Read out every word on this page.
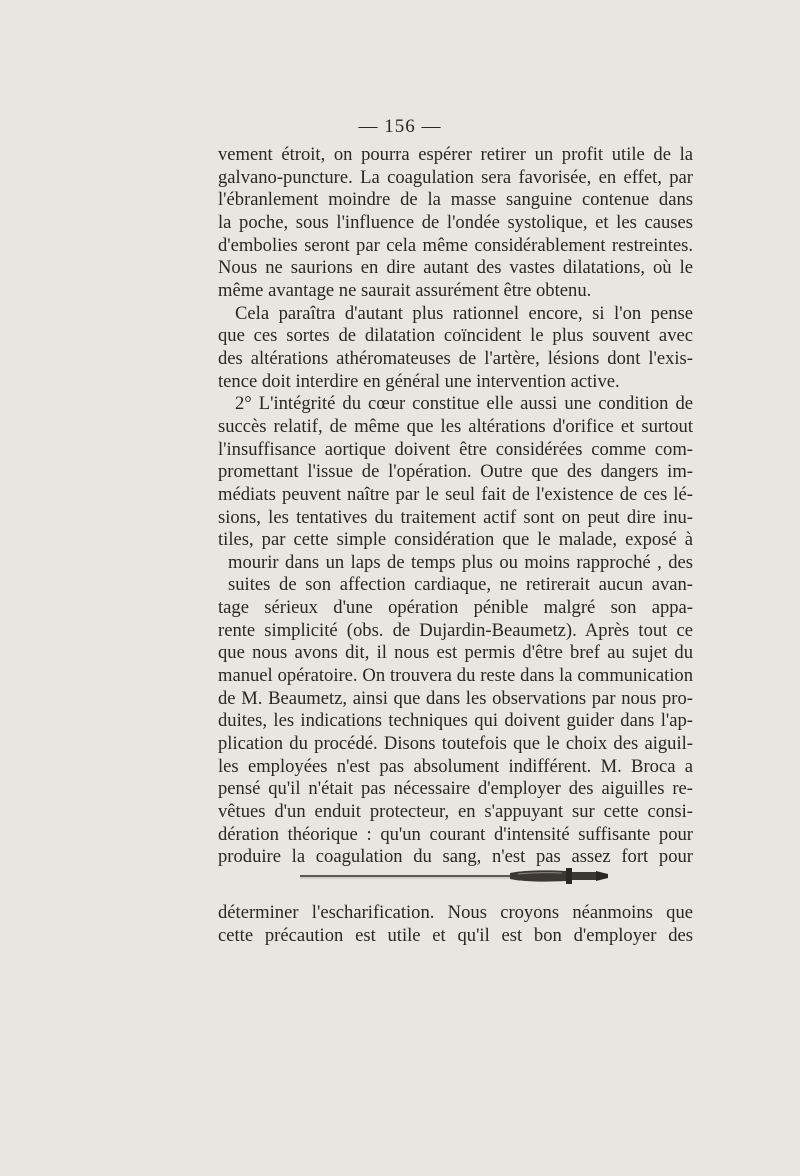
— 156 —
vement étroit, on pourra espérer retirer un profit utile de la
galvano-puncture. La coagulation sera favorisée, en effet, par
l'ébranlement moindre de la masse sanguine contenue dans
la poche, sous l'influence de l'ondée systolique, et les causes
d'embolies seront par cela même considérablement restreintes.
Nous ne saurions en dire autant des vastes dilatations, où le
même avantage ne saurait assurément être obtenu.
Cela paraîtra d'autant plus rationnel encore, si l'on pense
que ces sortes de dilatation coïncident le plus souvent avec
des altérations athéromateuses de l'artère, lésions dont l'exis-
tence doit interdire en général une intervention active.
2° L'intégrité du cœur constitue elle aussi une condition de
succès relatif, de même que les altérations d'orifice et surtout
l'insuffisance aortique doivent être considérées comme com-
promettant l'issue de l'opération. Outre que des dangers im-
médiats peuvent naître par le seul fait de l'existence de ces lé-
sions, les tentatives du traitement actif sont on peut dire inu-
tiles, par cette simple considération que le malade, exposé à
mourir dans un laps de temps plus ou moins rapproché , des
suites de son affection cardiaque, ne retirerait aucun avan-
tage sérieux d'une opération pénible malgré son appa-
rente simplicité (obs. de Dujardin-Beaumetz). Après tout ce
que nous avons dit, il nous est permis d'être bref au sujet du
manuel opératoire. On trouvera du reste dans la communication
de M. Beaumetz, ainsi que dans les observations par nous pro-
duites, les indications techniques qui doivent guider dans l'ap-
plication du procédé. Disons toutefois que le choix des aiguil-
les employées n'est pas absolument indifférent. M. Broca a
pensé qu'il n'était pas nécessaire d'employer des aiguilles re-
vêtues d'un enduit protecteur, en s'appuyant sur cette consi-
dération théorique : qu'un courant d'intensité suffisante pour
produire la coagulation du sang, n'est pas assez fort pour
déterminer l'escharification. Nous croyons néanmoins que
cette précaution est utile et qu'il est bon d'employer des
